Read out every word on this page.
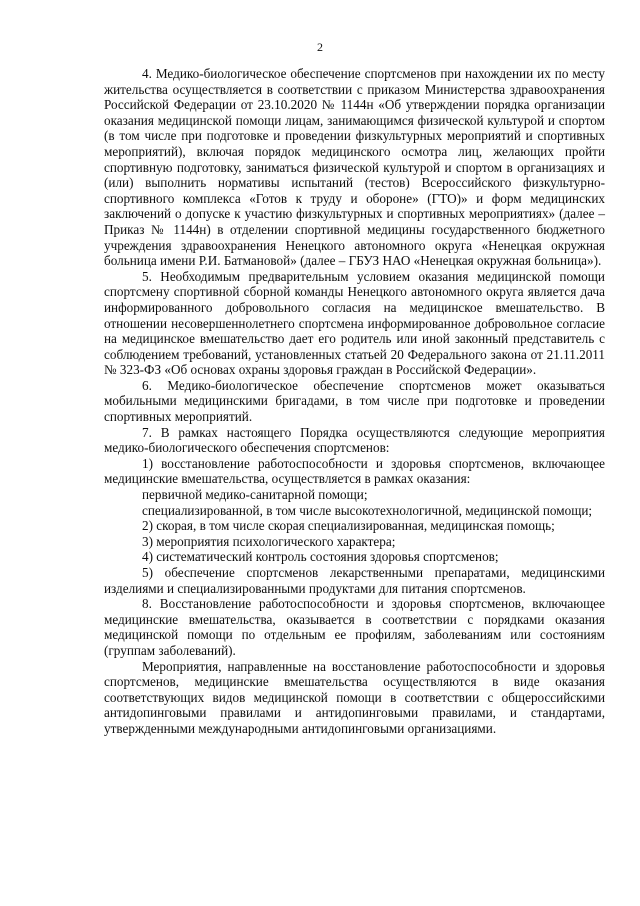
2

4. Медико-биологическое обеспечение спортсменов при нахождении их по месту жительства осуществляется в соответствии с приказом Министерства здравоохранения Российской Федерации от 23.10.2020 № 1144н «Об утверждении порядка организации оказания медицинской помощи лицам, занимающимся физической культурой и спортом (в том числе при подготовке и проведении физкультурных мероприятий и спортивных мероприятий), включая порядок медицинского осмотра лиц, желающих пройти спортивную подготовку, заниматься физической культурой и спортом в организациях и (или) выполнить нормативы испытаний (тестов) Всероссийского физкультурно-спортивного комплекса «Готов к труду и обороне» (ГТО)» и форм медицинских заключений о допуске к участию физкультурных и спортивных мероприятиях» (далее – Приказ № 1144н) в отделении спортивной медицины государственного бюджетного учреждения здравоохранения Ненецкого автономного округа «Ненецкая окружная больница имени Р.И. Батмановой» (далее – ГБУЗ НАО «Ненецкая окружная больница»).

5. Необходимым предварительным условием оказания медицинской помощи спортсмену спортивной сборной команды Ненецкого автономного округа является дача информированного добровольного согласия на медицинское вмешательство. В отношении несовершеннолетнего спортсмена информированное добровольное согласие на медицинское вмешательство дает его родитель или иной законный представитель с соблюдением требований, установленных статьей 20 Федерального закона от 21.11.2011 № 323-ФЗ «Об основах охраны здоровья граждан в Российской Федерации».

6. Медико-биологическое обеспечение спортсменов может оказываться мобильными медицинскими бригадами, в том числе при подготовке и проведении спортивных мероприятий.

7. В рамках настоящего Порядка осуществляются следующие мероприятия медико-биологического обеспечения спортсменов:

1) восстановление работоспособности и здоровья спортсменов, включающее медицинские вмешательства, осуществляется в рамках оказания:

первичной медико-санитарной помощи;

специализированной, в том числе высокотехнологичной, медицинской помощи;

2) скорая, в том числе скорая специализированная, медицинская помощь;

3) мероприятия психологического характера;

4) систематический контроль состояния здоровья спортсменов;

5) обеспечение спортсменов лекарственными препаратами, медицинскими изделиями и специализированными продуктами для питания спортсменов.

8. Восстановление работоспособности и здоровья спортсменов, включающее медицинские вмешательства, оказывается в соответствии с порядками оказания медицинской помощи по отдельным ее профилям, заболеваниям или состояниям (группам заболеваний).

Мероприятия, направленные на восстановление работоспособности и здоровья спортсменов, медицинские вмешательства осуществляются в виде оказания соответствующих видов медицинской помощи в соответствии с общероссийскими антидопинговыми правилами и антидопинговыми правилами, и стандартами, утвержденными международными антидопинговыми организациями.
